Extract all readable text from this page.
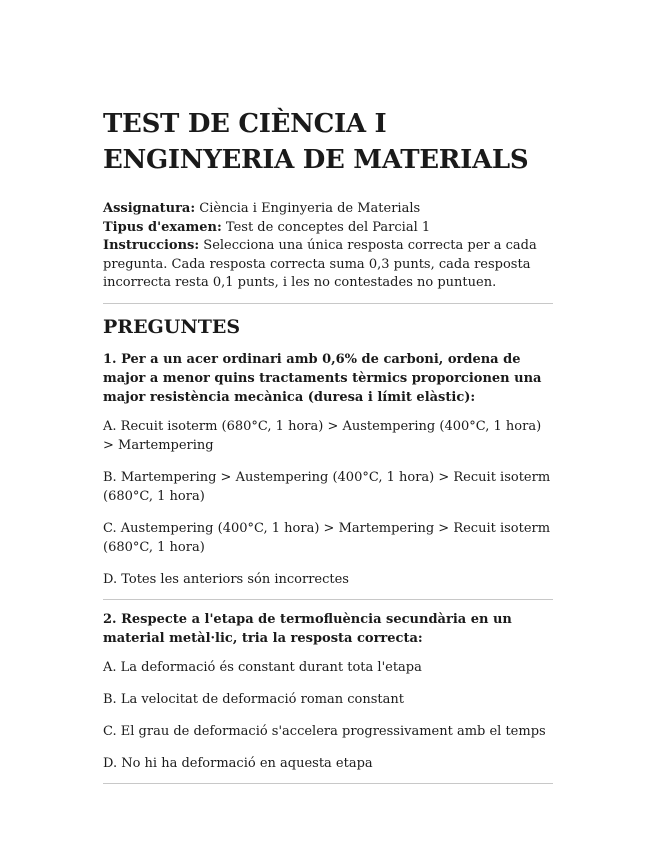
TEST DE CIÈNCIA I ENGINYERIA DE MATERIALS

Assignatura: Ciència i Enginyeria de Materials

Tipus d'examen: Test de conceptes del Parcial 1

Instruccions: Selecciona una única resposta correcta per a cada pregunta. Cada resposta correcta suma 0,3 punts, cada resposta incorrecta resta 0,1 punts, i les no contestades no puntuen.

PREGUNTES

1. Per a un acer ordinari amb 0,6% de carboni, ordena de major a menor quins tractaments tèrmics proporcionen una major resistència mecànica (duresa i límit elàstic):

A. Recuit isoterm (680°C, 1 hora) > Austempering (400°C, 1 hora) > Martempering

B. Martempering > Austempering (400°C, 1 hora) > Recuit isoterm (680°C, 1 hora)

C. Austempering (400°C, 1 hora) > Martempering > Recuit isoterm (680°C, 1 hora)

D. Totes les anteriors són incorrectes

2. Respecte a l'etapa de termofluència secundària en un material metàl·lic, tria la resposta correcta:

A. La deformació és constant durant tota l'etapa

B. La velocitat de deformació roman constant

C. El grau de deformació s'accelera progressivament amb el temps

D. No hi ha deformació en aquesta etapa
